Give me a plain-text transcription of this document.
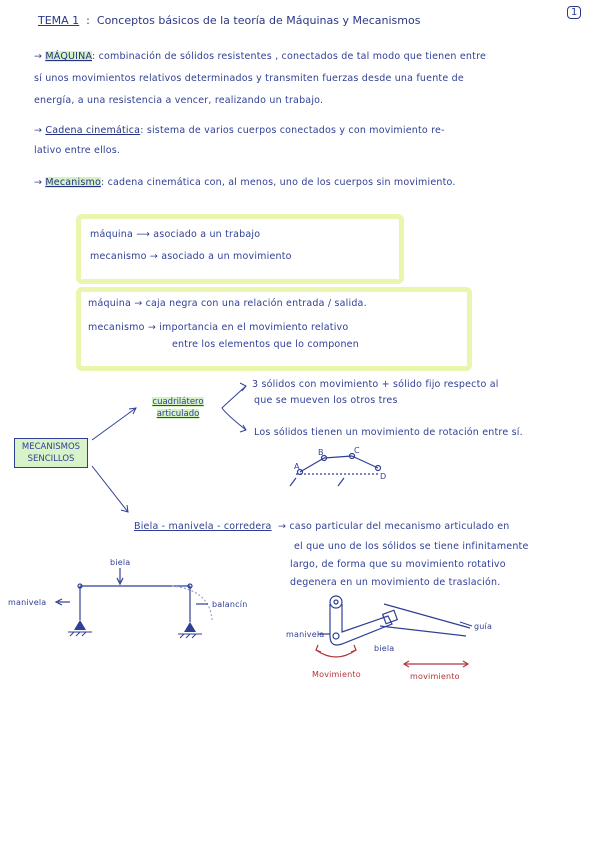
TEMA 1  :  Conceptos básicos de la teoría de Máquinas y Mecanismos
1
→ MÁQUINA: combinación de sólidos resistentes , conectados de tal modo que tienen entre
sí unos movimientos relativos determinados y transmiten fuerzas desde una fuente de
energía, a una resistencia a vencer, realizando un trabajo.
→ Cadena cinemática: sistema de varios cuerpos conectados y con movimiento re-
lativo entre ellos.
→ Mecanismo: cadena cinemática con, al menos, uno de los cuerpos sin movimiento.
máquina ⟶ asociado a un trabajo
mecanismo → asociado a un movimiento
máquina → caja negra con una relación entrada / salida.
mecanismo → importancia en el movimiento relativo
entre los elementos que lo componen
MECANISMOS SENCILLOS
cuadrilátero
articulado
3 sólidos con movimiento + sólido fijo respecto al
que se mueven los otros tres
Los sólidos tienen un movimiento de rotación entre sí.
A
B	C
D
Biela - manivela - corredera → caso particular del mecanismo articulado en
el que uno de los sólidos se tiene infinitamente
largo, de forma que su movimiento rotativo
degenera en un movimiento de traslación.
biela
manivela	balancín
manivela
biela
guía
Movimiento	movimiento
